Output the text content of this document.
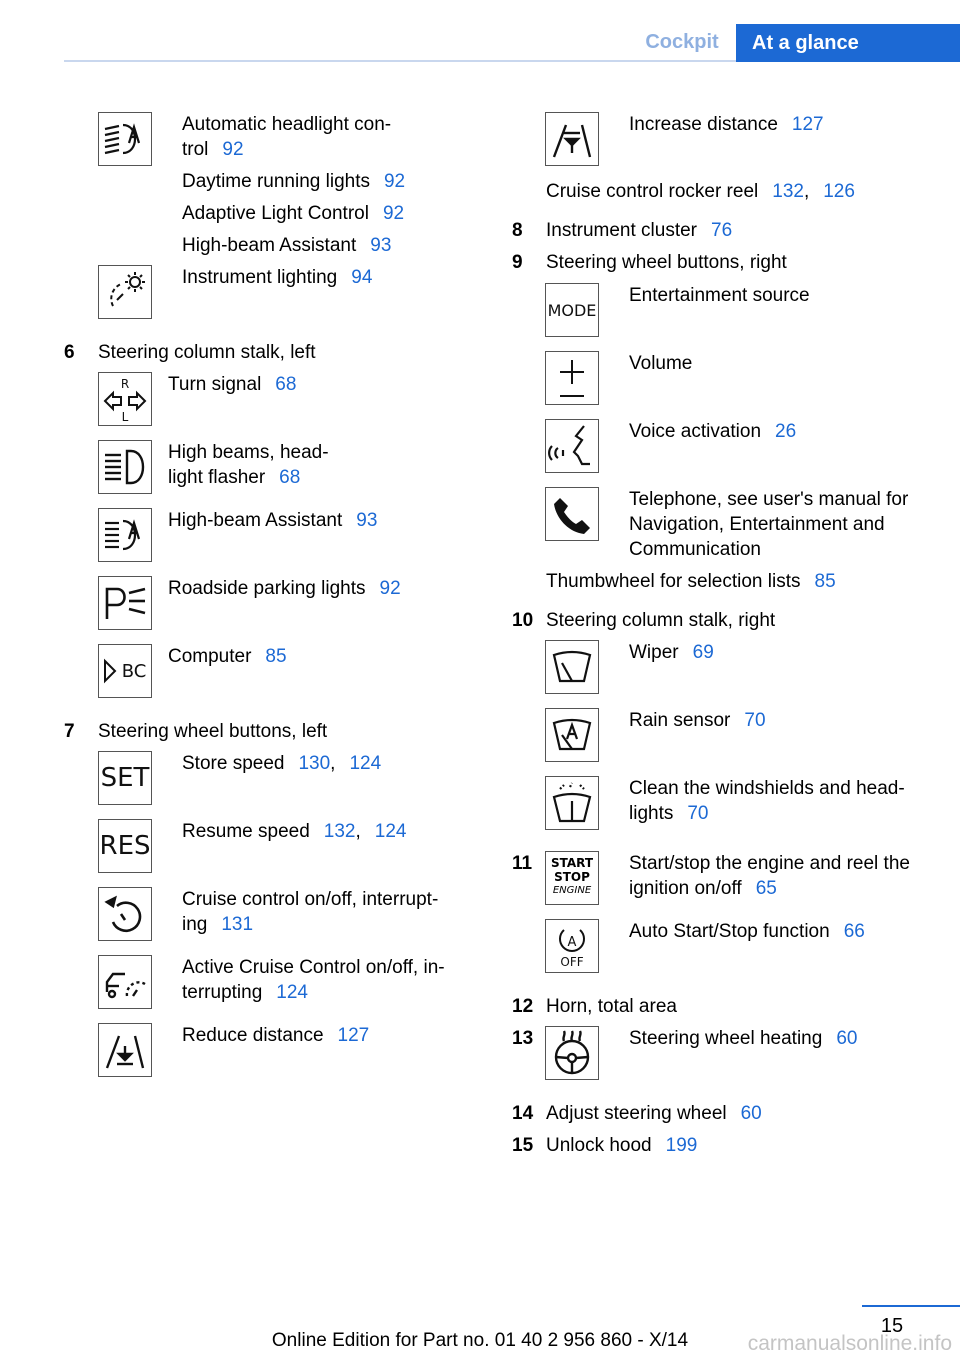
Cockpit	At a glance
Automatic headlight con-
trol 92
Daytime running lights 92
Adaptive Light Control 92
High-beam Assistant 93
Instrument lighting 94
6 Steering column stalk, left
R
L
Turn signal 68
High beams, head-
light flasher 68
High-beam Assistant 93
Roadside parking lights 92
BC
Computer 85
7 Steering wheel buttons, left
SET Store speed 130, 124
RES Resume speed 132, 124
Cruise control on/off, interrupt-
ing 131
Active Cruise Control on/off, in-
terrupting 124
Reduce distance 127
Increase distance 127
Cruise control rocker reel 132, 126
8 Instrument cluster 76
9 Steering wheel buttons, right
MODE
Entertainment source
Volume
Voice activation 26
Telephone, see user's manual for
Navigation, Entertainment and
Communication
Thumbwheel for selection lists 85
10 Steering column stalk, right
Wiper 69
Rain sensor 70
Clean the windshields and head-
lights 70
11	START
STOP
ENGINE
Start/stop the engine and reel the
ignition on/off 65
A
OFF
Auto Start/Stop function 66
12 Horn, total area
13	Steering wheel heating 60
14 Adjust steering wheel 60
15 Unlock hood 199
15
Online Edition for Part no. 01 40 2 956 860 - X/14	carmanualsonline.info
